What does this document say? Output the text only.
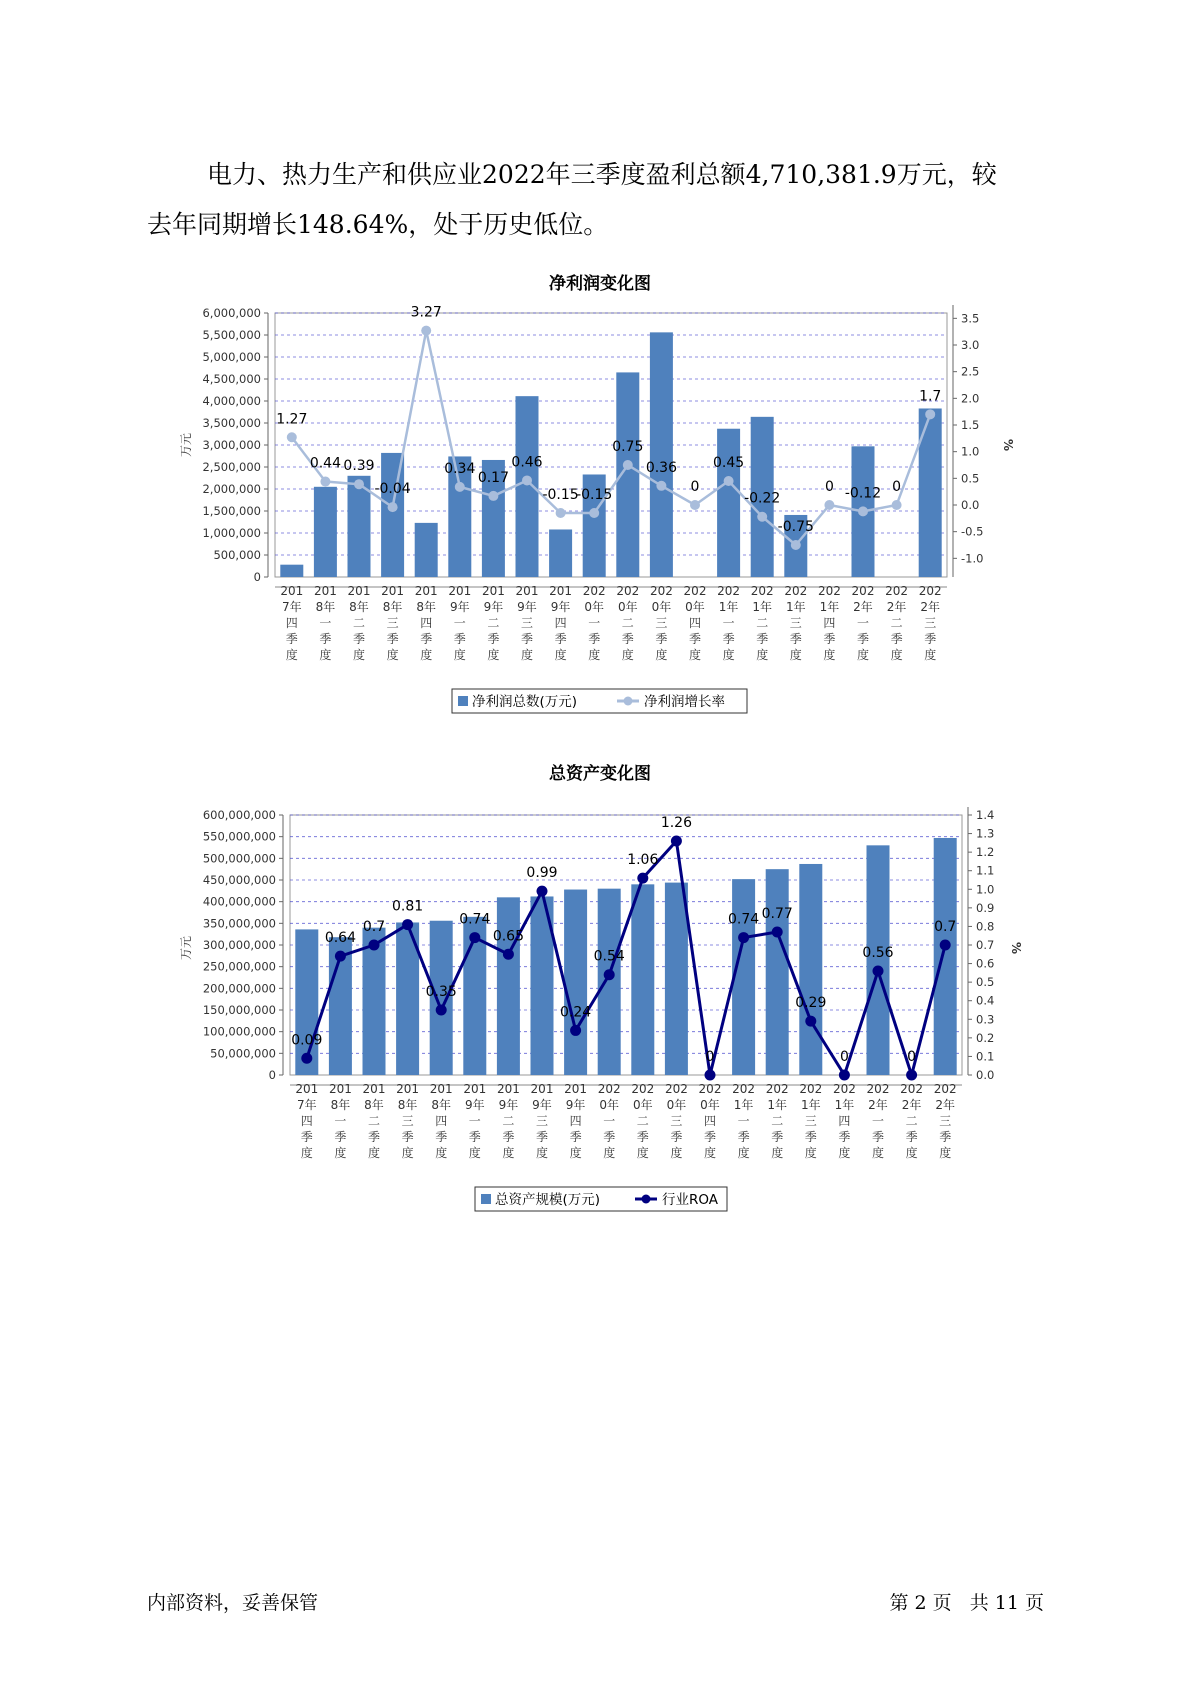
电力、热力生产和供应业2022年三季度盈利总额4,710,381.9万元，较
去年同期增长148.64%，处于历史低位。

净利润变化图
0
500,000
1,000,000
1,500,000
2,000,000
2,500,000
3,000,000
3,500,000
4,000,000
4,500,000
5,000,000
5,500,000
6,000,000
万元
-1.0
-0.5
0.0
0.5
1.0
1.5
2.0
2.5
3.0
3.5
%
1.27
0.44 0.39
-0.04
3.27
0.34
0.17
0.46
-0.15
-0.15
0.75
0.36
0
0.45
-0.22
-0.75
0 -0.12 0
1.7
201
7年
四
季
度
201
8年
一
季
度
201
8年
二
季
度
201
8年
三
季
度
201
8年
四
季
度
201
9年
一
季
度
201
9年
二
季
度
201
9年
三
季
度
201
9年
四
季
度
202
0年
一
季
度
202
0年
二
季
度
202
0年
三
季
度
202
0年
四
季
度
202
1年
一
季
度
202
1年
二
季
度
202
1年
三
季
度
202
1年
四
季
度
202
2年
一
季
度
202
2年
二
季
度
202
2年
三
季
度
净利润总数(万元)	净利润增长率
总资产变化图
0
50,000,000
100,000,000
150,000,000
200,000,000
250,000,000
300,000,000
350,000,000
400,000,000
450,000,000
500,000,000
550,000,000
600,000,000
万元
0.0
0.1
0.2
0.3
0.4
0.5
0.6
0.7
0.8
0.9
1.0
1.1
1.2
1.3
1.4
%
0.09
0.64
0.7
0.81
0.35
0.74
0.65
0.99
0.24
0.54
1.06
1.26
0
0.74 0.77
0.29
0
0.56
0
0.7
201
7年
四
季
度
201
8年
一
季
度
201
8年
二
季
度
201
8年
三
季
度
201
8年
四
季
度
201
9年
一
季
度
201
9年
二
季
度
201
9年
三
季
度
201
9年
四
季
度
202
0年
一
季
度
202
0年
二
季
度
202
0年
三
季
度
202
0年
四
季
度
202
1年
一
季
度
202
1年
二
季
度
202
1年
三
季
度
202
1年
四
季
度
202
2年
一
季
度
202
2年
二
季
度
202
2年
三
季
度
总资产规模(万元)	行业ROA
内部资料，妥善保管	第 2 页   共 11 页
